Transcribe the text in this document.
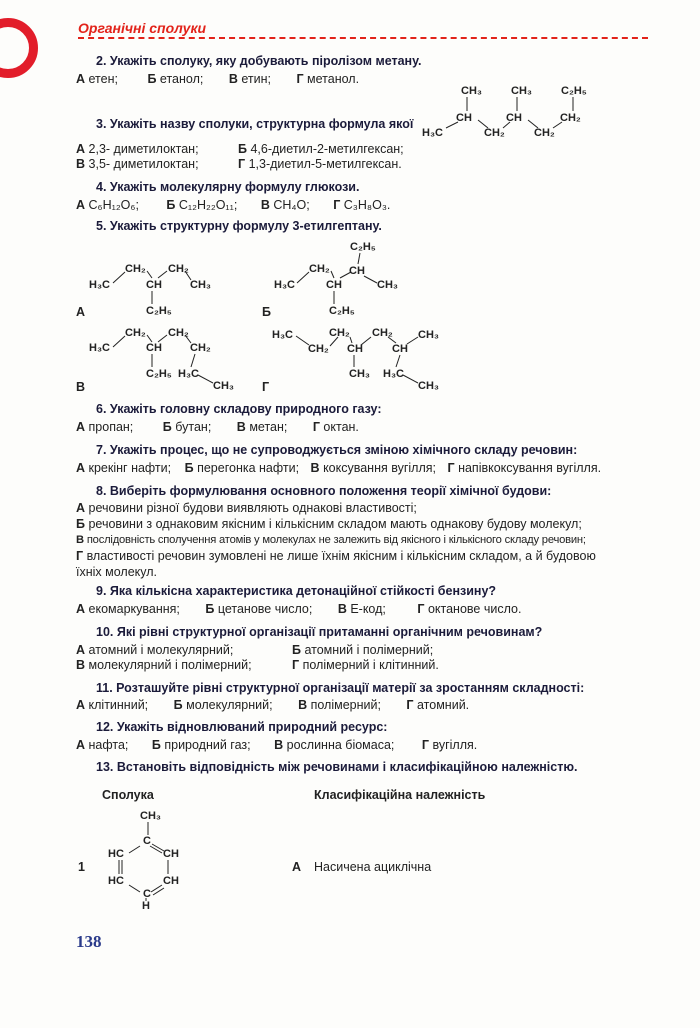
Органічні сполуки
2. Укажіть сполуку, яку добувають піролізом метану.
А етен; Б етанол; В етин; Г метанол.
CH₃	CH₃	C₂H₅
CH	CH	CH₂
H₃C	CH₂	CH₂
3. Укажіть назву сполуки, структурна формула якої
А 2,3- диметилоктан;	Б 4,6-диетил-2-метилгексан;
В 3,5- диметилоктан;	Г 1,3-диетил-5-метилгексан.
4. Укажіть молекулярну формулу глюкози.
А C₆H₁₂O₆; Б C₁₂H₂₂O₁₁; В CH₄O; Г C₃H₈O₃.
5. Укажіть структурну формулу 3-етилгептану.
CH₂ CH₂
H₃C	CH	CH₃
C₂H₅
А
C₂H₅
CH₂ CH
H₃C	CH	CH₃
C₂H₅
Б
CH₂ CH₂
H₃C	CH	CH₂
C₂H₅ H₃C
CH₃
В
CH₂ CH₂ CH₃
H₃C
CH₂ CH	CH
CH₃ H₃C
CH₃
Г
6. Укажіть головну складову природного газу:
А пропан; Б бутан; В метан; Г октан.
7. Укажіть процес, що не супроводжується зміною хімічного складу речовин:
А крекінг нафти; Б перегонка нафти; В коксування вугілля; Г напівкоксування вугілля.
8. Виберіть формулювання основного положення теорії хімічної будови:
А речовини різної будови виявляють однакові властивості;
Б речовини з однаковим якісним і кількісним складом мають однакову будову молекул;
В послідовність сполучення атомів у молекулах не залежить від якісного і кількісного складу речовин;
Г властивості речовин зумовлені не лише їхнім якісним і кількісним складом, а й будовою
їхніх молекул.
9. Яка кількісна характеристика детонаційної стійкості бензину?
А екомаркування; Б цетанове число; В Е-код;	Г октанове число.
10. Які рівні структурної організації притаманні органічним речовинам?
А атомний і молекулярний;	Б атомний і полімерний;
В молекулярний і полімерний;	Г полімерний і клітинний.
11. Розташуйте рівні структурної організації матерії за зростанням складності:
А клітинний; Б молекулярний; В полімерний; Г атомний.
12. Укажіть відновлюваний природний ресурс:
А нафта; Б природний газ; В рослинна біомаса; Г вугілля.
13. Встановіть відповідність між речовинами і класифікаційною належністю.
Сполука	Класифікаційна належність
CH₃
C
HC	CH
HC	CH
C
H
1	А Насичена ациклічна
138
